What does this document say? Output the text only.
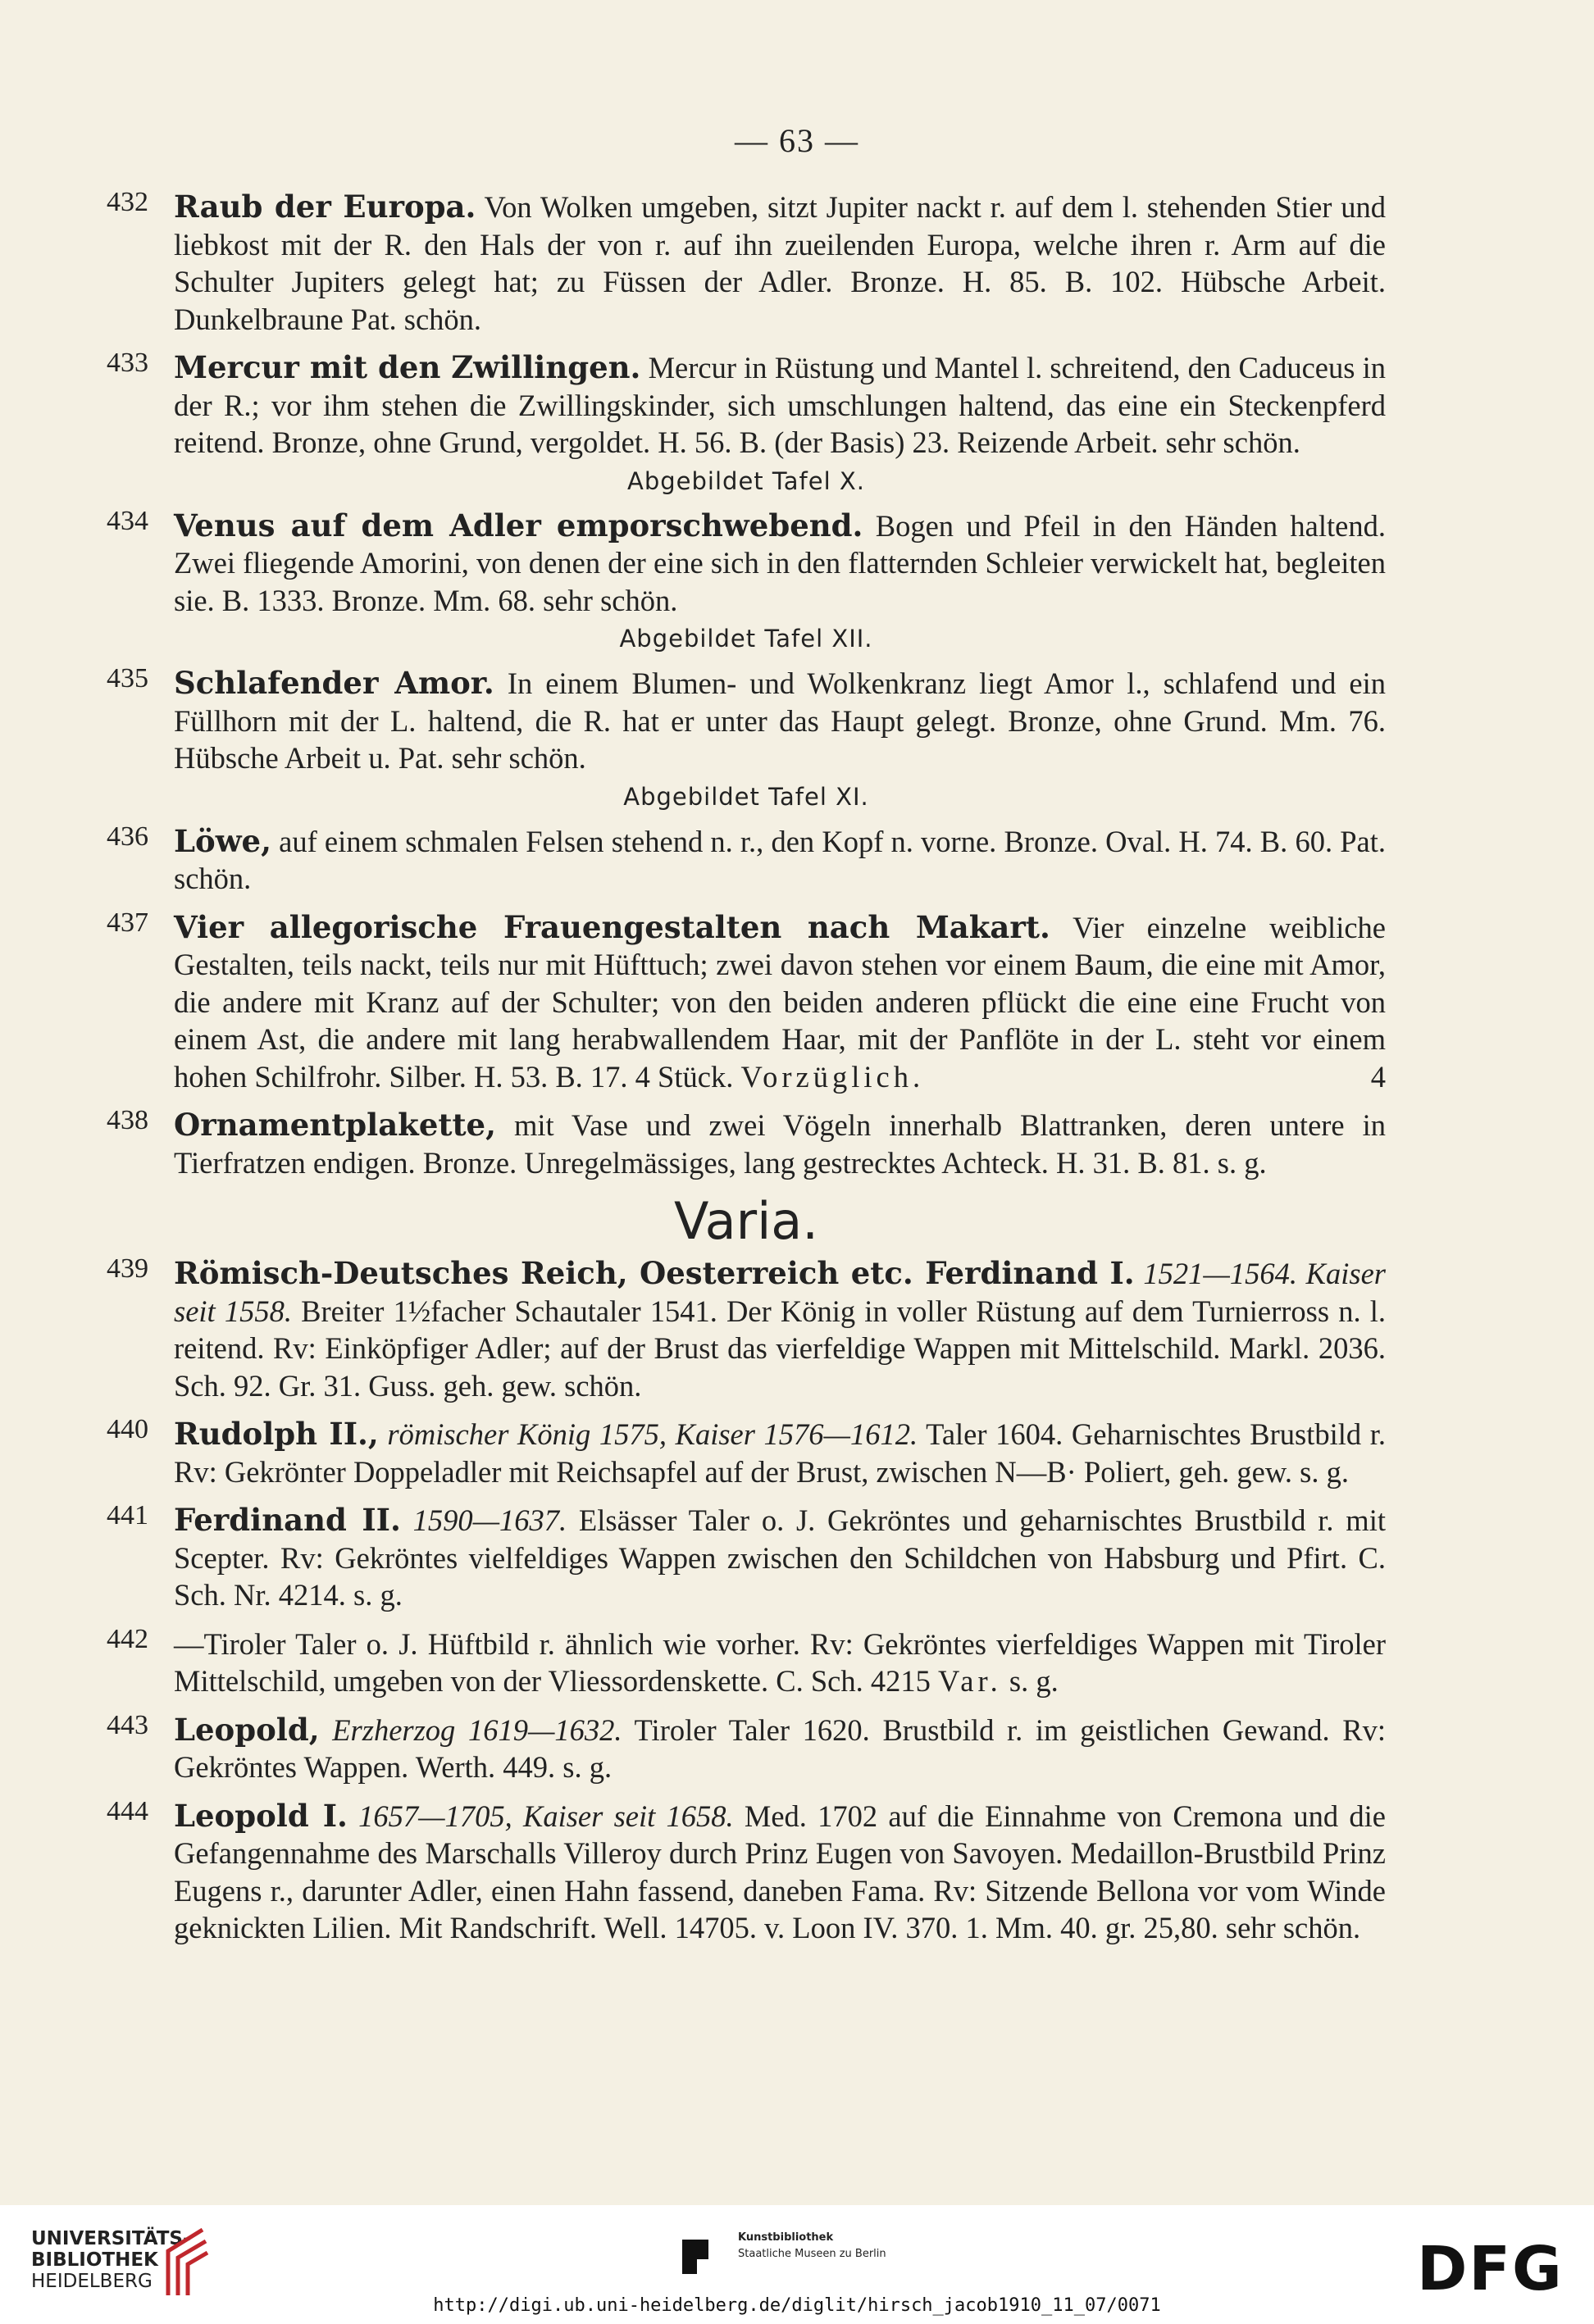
— 63 —
432 Raub der Europa. Von Wolken umgeben, sitzt Jupiter nackt r. auf dem l. stehenden Stier und liebkost mit der R. den Hals der von r. auf ihn zueilenden Europa, welche ihren r. Arm auf die Schulter Jupiters gelegt hat; zu Füssen der Adler. Bronze. H. 85. B. 102. Hübsche Arbeit. Dunkelbraune Pat. schön.
433 Mercur mit den Zwillingen. Mercur in Rüstung und Mantel l. schreitend, den Caduceus in der R.; vor ihm stehen die Zwillingskinder, sich umschlungen haltend, das eine ein Steckenpferd reitend. Bronze, ohne Grund, vergoldet. H. 56. B. (der Basis) 23. Reizende Arbeit. sehr schön.
Abgebildet Tafel X.
434 Venus auf dem Adler emporschwebend. Bogen und Pfeil in den Händen haltend. Zwei fliegende Amorini, von denen der eine sich in den flatternden Schleier verwickelt hat, begleiten sie. B. 1333. Bronze. Mm. 68. sehr schön.
Abgebildet Tafel XII.
435 Schlafender Amor. In einem Blumen- und Wolkenkranz liegt Amor l., schlafend und ein Füllhorn mit der L. haltend, die R. hat er unter das Haupt gelegt. Bronze, ohne Grund. Mm. 76. Hübsche Arbeit u. Pat. sehr schön.
Abgebildet Tafel XI.
436 Löwe, auf einem schmalen Felsen stehend n. r., den Kopf n. vorne. Bronze. Oval. H. 74. B. 60. Pat. schön.
437 Vier allegorische Frauengestalten nach Makart. Vier einzelne weibliche Gestalten, teils nackt, teils nur mit Hüfttuch; zwei davon stehen vor einem Baum, die eine mit Amor, die andere mit Kranz auf der Schulter; von den beiden anderen pflückt die eine eine Frucht von einem Ast, die andere mit lang herabwallendem Haar, mit der Panflöte in der L. steht vor einem hohen Schilfrohr. Silber. H. 53. B. 17. 4 Stück. Vorzüglich.	4
438 Ornamentplakette, mit Vase und zwei Vögeln innerhalb Blattranken, deren untere in Tierfratzen endigen. Bronze. Unregelmässiges, lang gestrecktes Achteck. H. 31. B. 81. s. g.
Varia.
439 Römisch-Deutsches Reich, Oesterreich etc. Ferdinand I. 1521—1564. Kaiser seit 1558. Breiter 1½facher Schautaler 1541. Der König in voller Rüstung auf dem Turnierross n. l. reitend. Rv: Einköpfiger Adler; auf der Brust das vierfeldige Wappen mit Mittelschild. Markl. 2036. Sch. 92. Gr. 31. Guss. geh. gew. schön.
440 Rudolph II., römischer König 1575, Kaiser 1576—1612. Taler 1604. Geharnischtes Brustbild r. Rv: Gekrönter Doppeladler mit Reichsapfel auf der Brust, zwischen N—B· Poliert, geh. gew. s. g.
441 Ferdinand II. 1590—1637. Elsässer Taler o. J. Gekröntes und geharnischtes Brustbild r. mit Scepter. Rv: Gekröntes vielfeldiges Wappen zwischen den Schildchen von Habsburg und Pfirt. C. Sch. Nr. 4214. s. g.
442 —Tiroler Taler o. J. Hüftbild r. ähnlich wie vorher. Rv: Gekröntes vierfeldiges Wappen mit Tiroler Mittelschild, umgeben von der Vliessordenskette. C. Sch. 4215 Var. s. g.
443 Leopold, Erzherzog 1619—1632. Tiroler Taler 1620. Brustbild r. im geistlichen Gewand. Rv: Gekröntes Wappen. Werth. 449. s. g.
444 Leopold I. 1657—1705, Kaiser seit 1658. Med. 1702 auf die Einnahme von Cremona und die Gefangennahme des Marschalls Villeroy durch Prinz Eugen von Savoyen. Medaillon-Brustbild Prinz Eugens r., darunter Adler, einen Hahn fassend, daneben Fama. Rv: Sitzende Bellona vor vom Winde geknickten Lilien. Mit Randschrift. Well. 14705. v. Loon IV. 370. 1. Mm. 40. gr. 25,80. sehr schön.
UNIVERSITÄTS-
BIBLIOTHEK
HEIDELBERG
Kunstbibliothek
Staatliche Museen zu Berlin	DFG
http://digi.ub.uni-heidelberg.de/diglit/hirsch_jacob1910_11_07/0071
